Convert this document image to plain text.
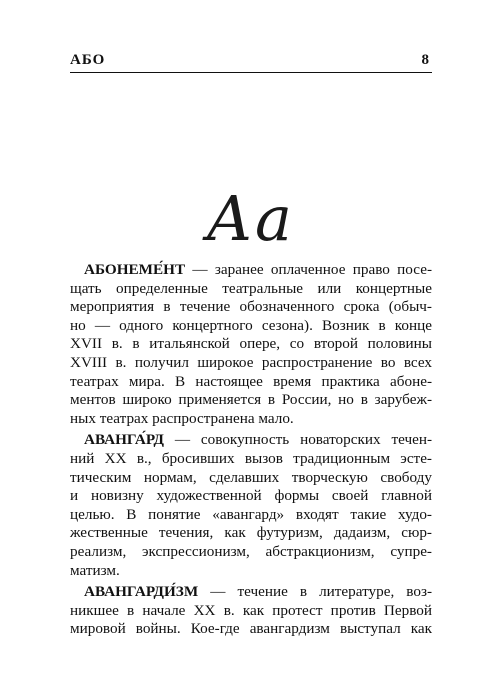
АБО	8
Аа
АБОНЕМЕ́НТ — заранее оплаченное право посе-
щать определенные театральные или концертные
мероприятия в течение обозначенного срока (обыч-
но — одного концертного сезона). Возник в конце
XVII в. в итальянской опере, со второй половины
XVIII в. получил широкое распространение во всех
театрах мира. В настоящее время практика абоне-
ментов широко применяется в России, но в зарубеж-
ных театрах распространена мало.
АВАНГА́РД — совокупность новаторских течен-
ний XX в., бросивших вызов традиционным эсте-
тическим нормам, сделавших творческую свободу
и новизну художественной формы своей главной
целью. В понятие «авангард» входят такие худо-
жественные течения, как футуризм, дадаизм, сюр-
реализм, экспрессионизм, абстракционизм, супре-
матизм.
АВАНГАРДИ́ЗМ — течение в литературе, воз-
никшее в начале XX в. как протест против Первой
мировой войны. Кое-где авангардизм выступал как
